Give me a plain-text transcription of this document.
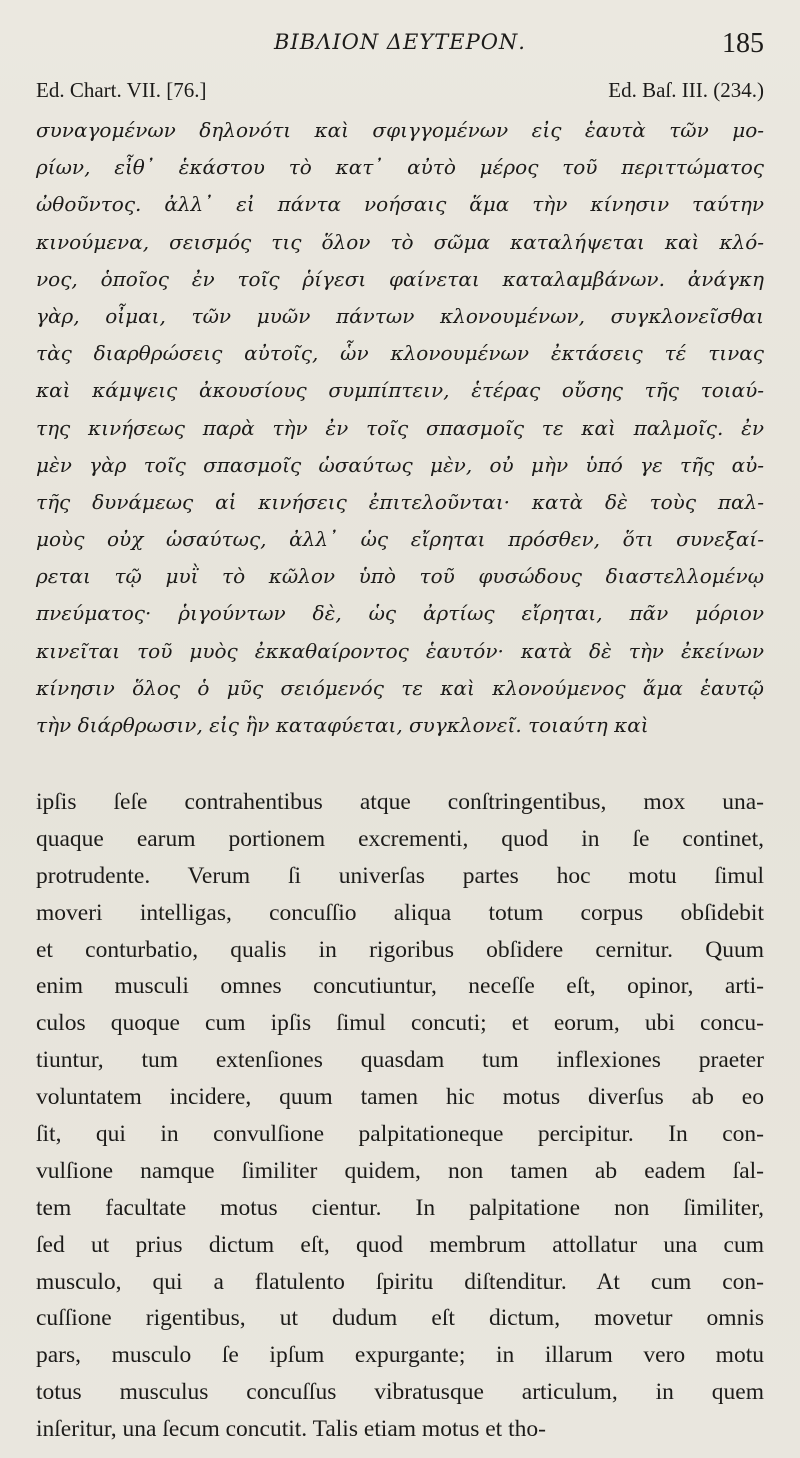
ΒΙΒΛΙΟΝ ΔΕΥΤΕΡΟΝ.	185
Ed. Chart. VII. [76.]	Ed. Baſ. III. (234.)
συναγομένων δηλονότι καὶ σφιγγομένων εἰς ἑαυτὰ τῶν μο-
ρίων, εἶθ᾽ ἑκάστου τὸ κατ᾽ αὐτὸ μέρος τοῦ περιττώματος
ὠθοῦντος. ἀλλ᾽ εἰ πάντα νοήσαις ἅμα τὴν κίνησιν ταύτην
κινούμενα, σεισμός τις ὅλον τὸ σῶμα καταλήψεται καὶ κλό-
νος, ὁποῖος ἐν τοῖς ῥίγεσι φαίνεται καταλαμβάνων. ἀνάγκη
γὰρ, οἶμαι, τῶν μυῶν πάντων κλονουμένων, συγκλονεῖσθαι
τὰς διαρθρώσεις αὐτοῖς, ὧν κλονουμένων ἐκτάσεις τέ τινας
καὶ κάμψεις ἀκουσίους συμπίπτειν, ἑτέρας οὔσης τῆς τοιαύ-
της κινήσεως παρὰ τὴν ἐν τοῖς σπασμοῖς τε καὶ παλμοῖς. ἐν
μὲν γὰρ τοῖς σπασμοῖς ὡσαύτως μὲν, οὐ μὴν ὑπό γε τῆς αὐ-
τῆς δυνάμεως αἱ κινήσεις ἐπιτελοῦνται· κατὰ δὲ τοὺς παλ-
μοὺς οὐχ ὡσαύτως, ἀλλ᾽ ὡς εἴρηται πρόσθεν, ὅτι συνεξαί-
ρεται τῷ μυῒ τὸ κῶλον ὑπὸ τοῦ φυσώδους διαστελλομένῳ
πνεύματος· ῥιγούντων δὲ, ὡς ἀρτίως εἴρηται, πᾶν μόριον
κινεῖται τοῦ μυὸς ἐκκαθαίροντος ἑαυτόν· κατὰ δὲ τὴν ἐκείνων
κίνησιν ὅλος ὁ μῦς σειόμενός τε καὶ κλονούμενος ἅμα ἑαυτῷ
τὴν διάρθρωσιν, εἰς ἣν καταφύεται, συγκλονεῖ. τοιαύτη καὶ
ipſis ſeſe contrahentibus atque conſtringentibus, mox una-
quaque earum portionem excrementi, quod in ſe continet,
protrudente. Verum ſi univerſas partes hoc motu ſimul
moveri intelligas, concuſſio aliqua totum corpus obſidebit
et conturbatio, qualis in rigoribus obſidere cernitur. Quum
enim musculi omnes concutiuntur, neceſſe eſt, opinor, arti-
culos quoque cum ipſis ſimul concuti; et eorum, ubi concu-
tiuntur, tum extenſiones quasdam tum inflexiones praeter
voluntatem incidere, quum tamen hic motus diverſus ab eo
ſit, qui in convulſione palpitationeque percipitur. In con-
vulſione namque ſimiliter quidem, non tamen ab eadem ſal-
tem facultate motus cientur. In palpitatione non ſimiliter,
ſed ut prius dictum eſt, quod membrum attollatur una cum
musculo, qui a flatulento ſpiritu diſtenditur. At cum con-
cuſſione rigentibus, ut dudum eſt dictum, movetur omnis
pars, musculo ſe ipſum expurgante; in illarum vero motu
totus musculus concuſſus vibratusque articulum, in quem
inſeritur, una ſecum concutit. Talis etiam motus et tho-
